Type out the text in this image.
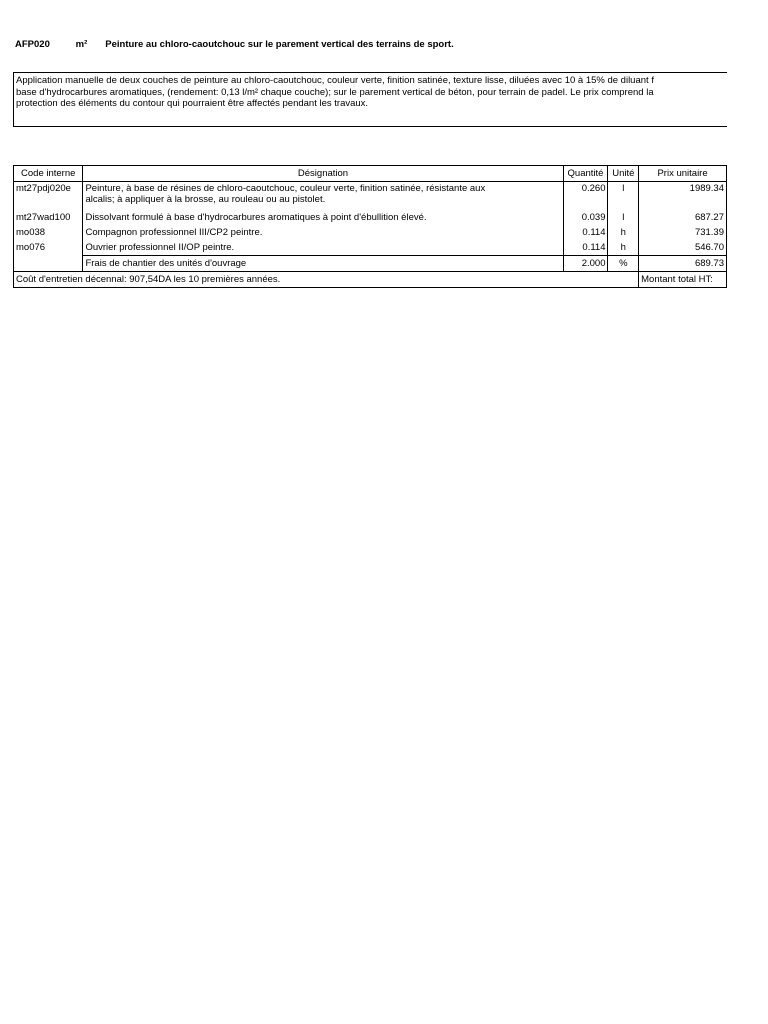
AFP020	m² Peinture au chloro-caoutchouc sur le parement vertical des terrains de sport.
Application manuelle de deux couches de peinture au chloro-caoutchouc, couleur verte, finition satinée, texture lisse, diluées avec 10 à 15% de diluant f
base d'hydrocarbures aromatiques, (rendement: 0,13 l/m² chaque couche); sur le parement vertical de béton, pour terrain de padel. Le prix comprend la
protection des éléments du contour qui pourraient être affectés pendant les travaux.
Code interne	Désignation	Quantité	Unité	Prix unitaire
mt27pdj020e	Peinture, à base de résines de chloro-caoutchouc, couleur verte, finition satinée, résistante aux
alcalis; à appliquer à la brosse, au rouleau ou au pistolet.	0.260	l	1989.34
mt27wad100	Dissolvant formulé à base d'hydrocarbures aromatiques à point d'ébullition élevé.	0.039	l	687.27
mo038	Compagnon professionnel III/CP2 peintre.	0.114	h	731.39
mo076	Ouvrier professionnel II/OP peintre.	0.114	h	546.70
	Frais de chantier des unités d'ouvrage	2.000	%	689.73
Coût d'entretien décennal: 907,54DA les 10 premières années.				Montant total HT:
